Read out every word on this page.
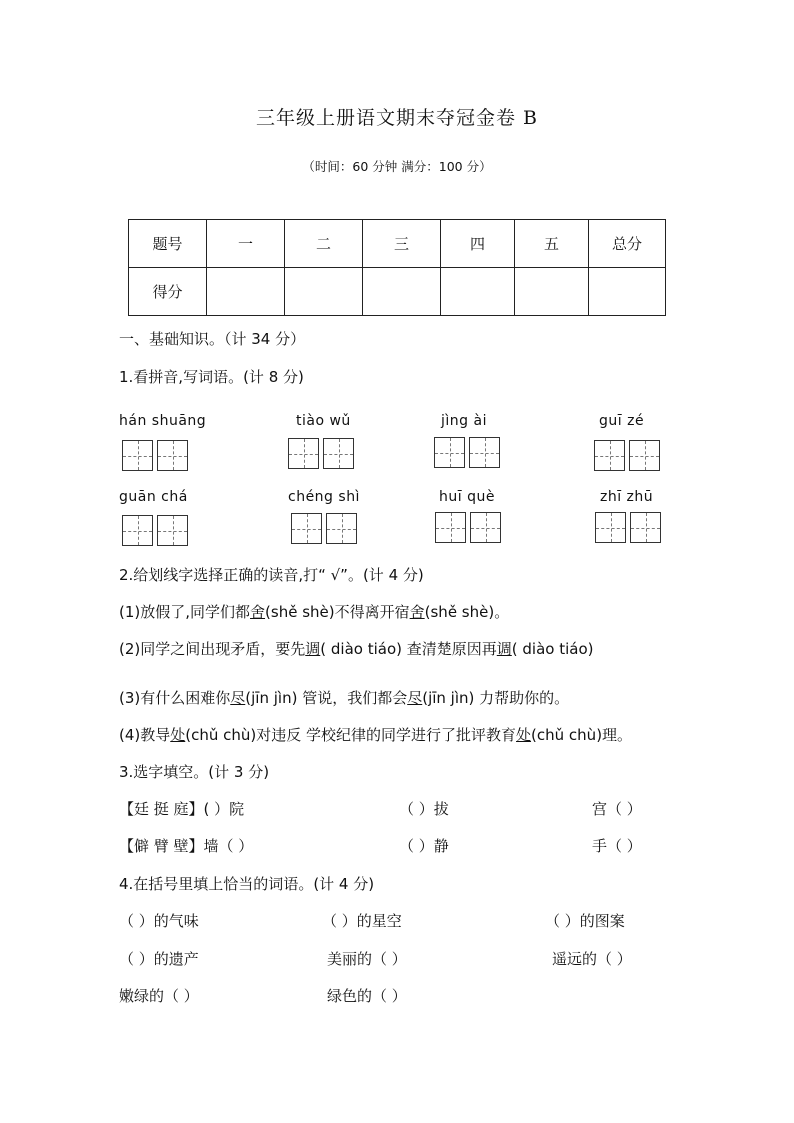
三年级上册语文期末夺冠金卷 B
（时间：60 分钟 满分：100 分）
题号	一	二	三	四	五	总分
得分						
一、基础知识。（计 34 分）
1.看拼音,写词语。(计 8 分)
hán shuāng	tiào wǔ	jìng ài	guī zé
guān chá	chéng shì	huī què	zhī zhū
2.给划线字选择正确的读音,打“ √”。(计 4 分)
(1)放假了,同学们都舍(shě shè)不得离开宿舍(shě shè)。
(2)同学之间出现矛盾，要先调( diào tiáo) 查清楚原因再调( diào tiáo)
(3)有什么困难你尽(jīn jìn) 管说，我们都会尽(jīn jìn) 力帮助你的。
(4)教导处(chǔ chù)对违反 学校纪律的同学进行了批评教育处(chǔ chù)理。
3.选字填空。(计 3 分)
【廷 挺 庭】( ）院	（ ）拔	宫（ ）
【僻 臂 壁】墙（ ）	（ ）静	手（ ）
4.在括号里填上恰当的词语。(计 4 分)
（ ）的气味	（ ）的星空	（ ）的图案
（ ）的遗产	美丽的（ ）	遥远的（ ）
嫩绿的（ ）	绿色的（ ）
